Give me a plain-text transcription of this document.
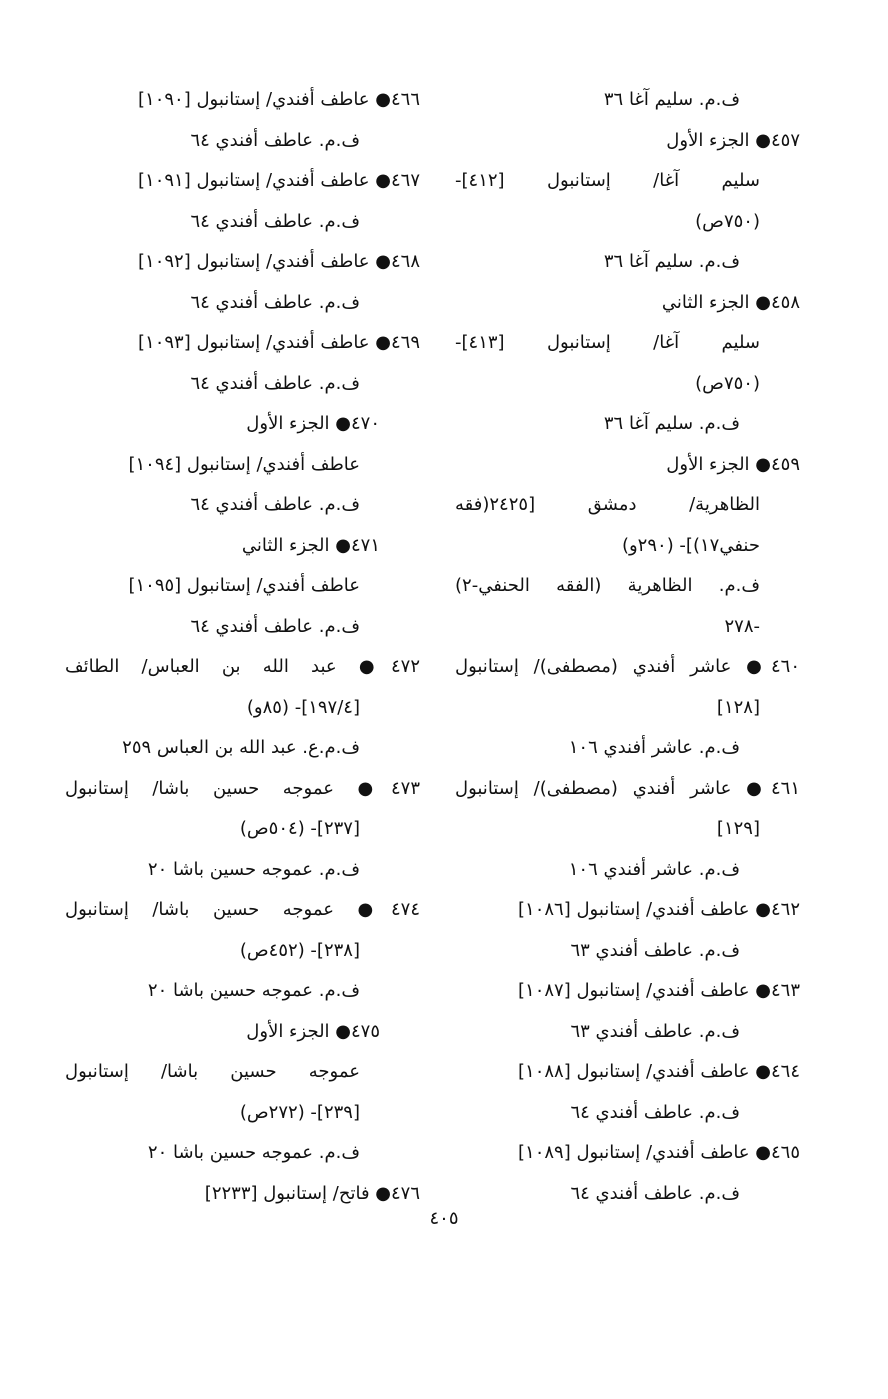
ف.م. سليم آغا ٣٦
٤٥٧● الجزء الأول
سليم آغا/ إستانبول [٤١٢]-
(٧٥٠ص)
ف.م. سليم آغا ٣٦
٤٥٨● الجزء الثاني
سليم آغا/ إستانبول [٤١٣]-
(٧٥٠ص)
ف.م. سليم آغا ٣٦
٤٥٩● الجزء الأول
الظاهرية/ دمشق [٢٤٢٥(فقه
حنفي١٧)]- (٢٩٠و)
ف.م. الظاهرية (الفقه الحنفي-٢)
-٢٧٨
٤٦٠● عاشر أفندي (مصطفى)/ إستانبول
[١٢٨]
ف.م. عاشر أفندي ١٠٦
٤٦١● عاشر أفندي (مصطفى)/ إستانبول
[١٢٩]
ف.م. عاشر أفندي ١٠٦
٤٦٢● عاطف أفندي/ إستانبول [١٠٨٦]
ف.م. عاطف أفندي ٦٣
٤٦٣● عاطف أفندي/ إستانبول [١٠٨٧]
ف.م. عاطف أفندي ٦٣
٤٦٤● عاطف أفندي/ إستانبول [١٠٨٨]
ف.م. عاطف أفندي ٦٤
٤٦٥● عاطف أفندي/ إستانبول [١٠٨٩]
ف.م. عاطف أفندي ٦٤
٤٦٦● عاطف أفندي/ إستانبول [١٠٩٠]
ف.م. عاطف أفندي ٦٤
٤٦٧● عاطف أفندي/ إستانبول [١٠٩١]
ف.م. عاطف أفندي ٦٤
٤٦٨● عاطف أفندي/ إستانبول [١٠٩٢]
ف.م. عاطف أفندي ٦٤
٤٦٩● عاطف أفندي/ إستانبول [١٠٩٣]
ف.م. عاطف أفندي ٦٤
٤٧٠● الجزء الأول
عاطف أفندي/ إستانبول [١٠٩٤]
ف.م. عاطف أفندي ٦٤
٤٧١● الجزء الثاني
عاطف أفندي/ إستانبول [١٠٩٥]
ف.م. عاطف أفندي ٦٤
٤٧٢● عبد الله بن العباس/ الطائف
[١٩٧/٤]- (٨٥و)
ف.م.ع. عبد الله بن العباس ٢٥٩
٤٧٣● عموجه حسين باشا/ إستانبول
[٢٣٧]- (٥٠٤ص)
ف.م. عموجه حسين باشا ٢٠
٤٧٤● عموجه حسين باشا/ إستانبول
[٢٣٨]- (٤٥٢ص)
ف.م. عموجه حسين باشا ٢٠
٤٧٥● الجزء الأول
عموجه حسين باشا/ إستانبول
[٢٣٩]- (٢٧٢ص)
ف.م. عموجه حسين باشا ٢٠
٤٧٦● فاتح/ إستانبول [٢٢٣٣]
٤٠٥
